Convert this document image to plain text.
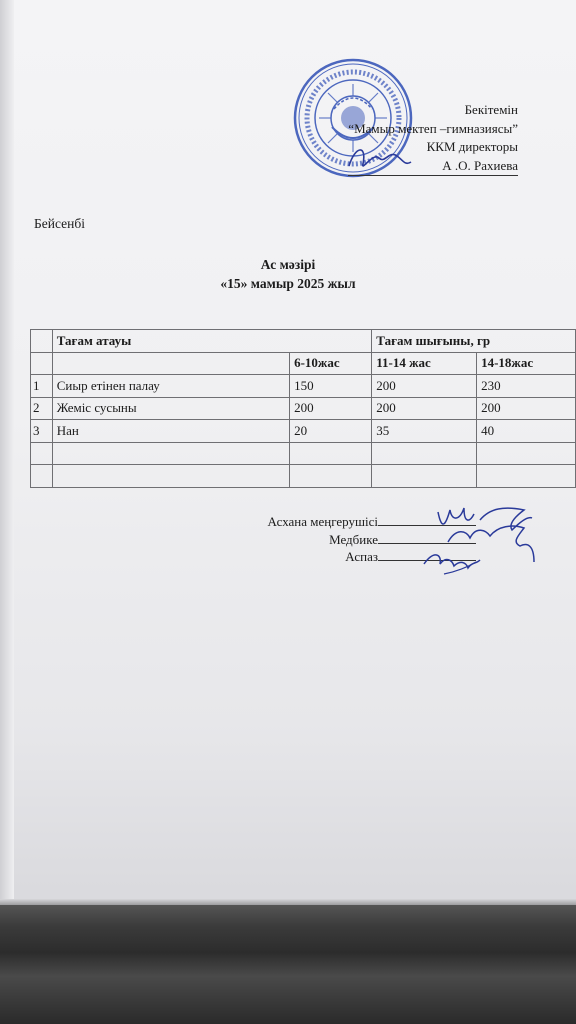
Бекітемін
“Мамыр мектеп –гимназиясы”
ККМ директоры
А .О. Рахиева
Бейсенбі
Ас мәзірі
«15» мамыр 2025 жыл
	Тағам атауы		Тағам шығыны, гр	
		6-10жас	11-14 жас	14-18жас
1	Сиыр етінен палау	150	200	230
2	Жеміс сусыны	200	200	200
3	Нан	20	35	40

Асхана меңгерушісі
Медбике
Аспаз
